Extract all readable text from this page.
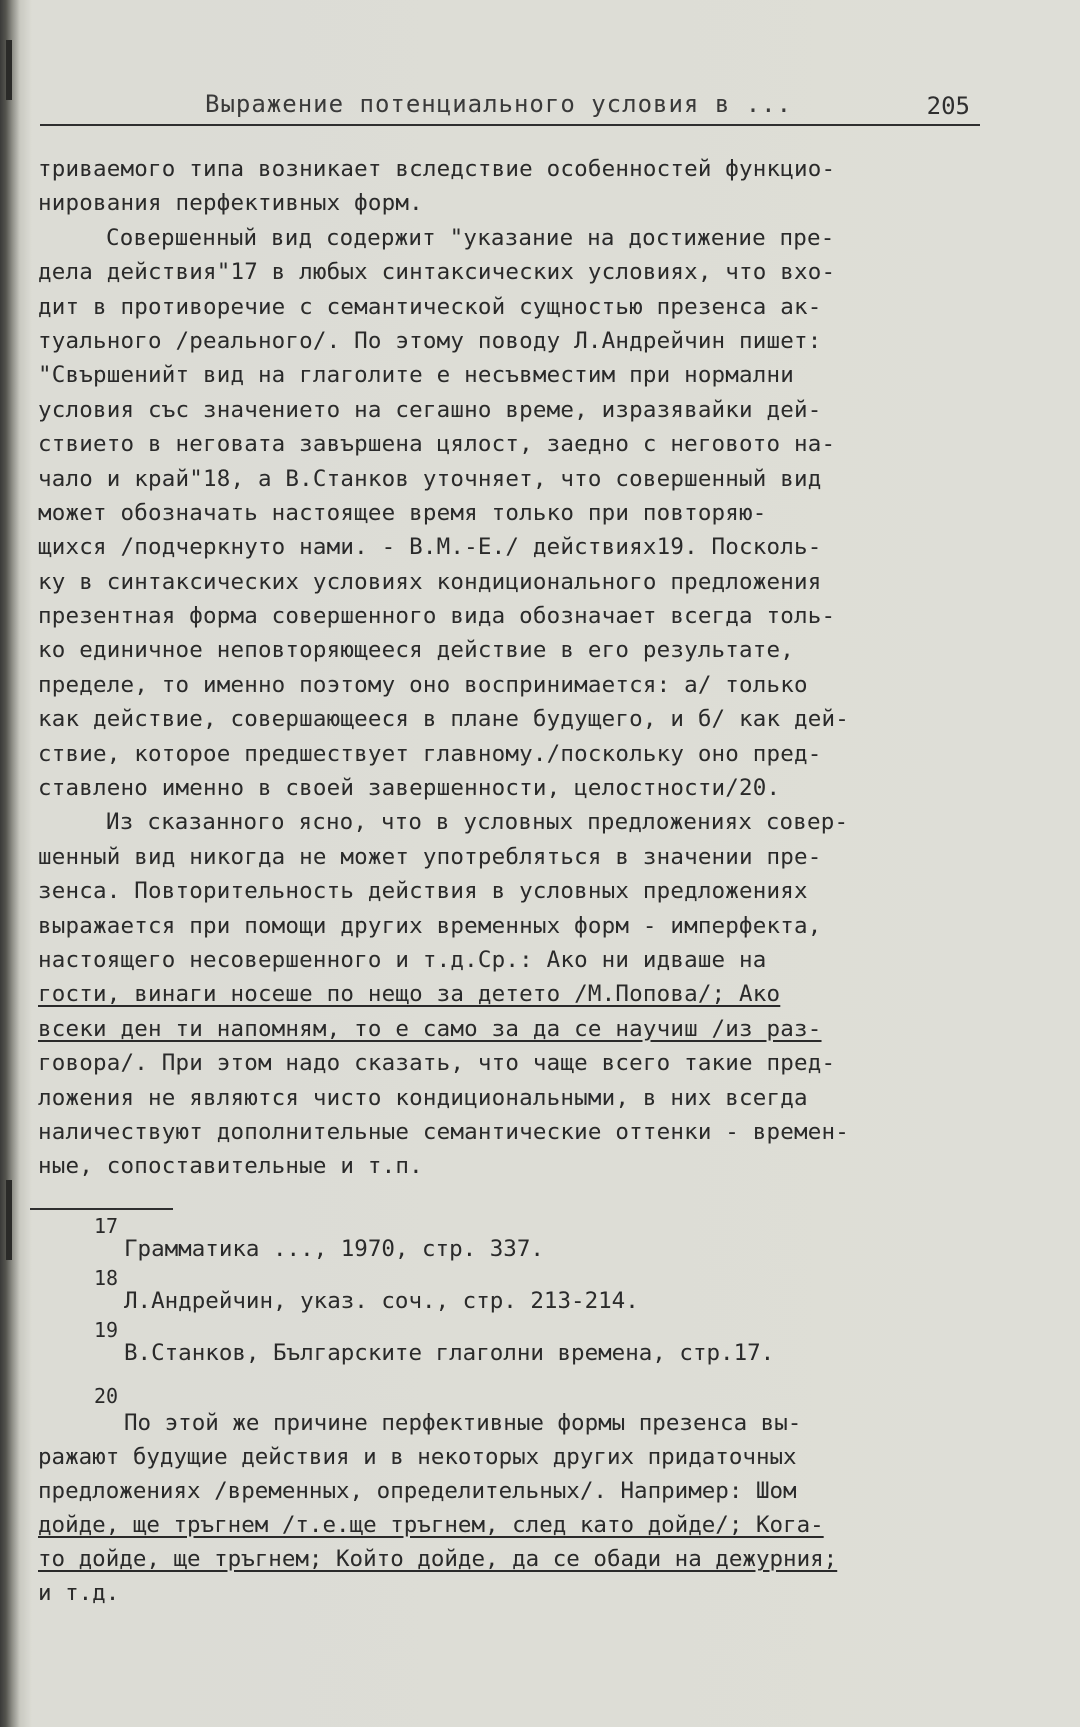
Выражение потенциального условия в ...	205
триваемого типа возникает вследствие особенностей функцио-
нирования перфективных форм.
Совершенный вид содержит "указание на достижение пре-
дела действия"17 в любых синтаксических условиях, что вхо-
дит в противоречие с семантической сущностью презенса ак-
туального /реального/. По этому поводу Л.Андрейчин пишет:
"Свършенийт вид на глаголите е несъвместим при нормални
условия със значението на сегашно време, изразявайки дей-
ствието в неговата завършена цялост, заедно с неговото на-
чало и край"18, а В.Станков уточняет, что совершенный вид
может обозначать настоящее время только при повторяю-
щихся /подчеркнуто нами. - В.М.-Е./ действиях19. Посколь-
ку в синтаксических условиях кондиционального предложения
презентная форма совершенного вида обозначает всегда толь-
ко единичное неповторяющееся действие в его результате,
пределе, то именно поэтому оно воспринимается: а/ только
как действие, совершающееся в плане будущего, и б/ как дей-
ствие, которое предшествует главному./поскольку оно пред-
ставлено именно в своей завершенности, целостности/20.
Из сказанного ясно, что в условных предложениях совер-
шенный вид никогда не может употребляться в значении пре-
зенса. Повторительность действия в условных предложениях
выражается при помощи других временных форм - имперфекта,
настоящего несовершенного и т.д.Ср.: Ако ни идваше на
гости, винаги носеше по нещо за детето /М.Попова/; Ако
всеки ден ти напомням, то е само за да се научиш /из раз-
говора/. При этом надо сказать, что чаще всего такие пред-
ложения не являются чисто кондициональными, в них всегда
наличествуют дополнительные семантические оттенки - времен-
ные, сопоставительные и т.п.
17
Грамматика ..., 1970, стр. 337.
18
Л.Андрейчин, указ. соч., стр. 213-214.
19
В.Станков, Българските глаголни времена, стр.17.
20
По этой же причине перфективные формы презенса вы-
ражают будущие действия и в некоторых других придаточных
предложениях /временных, определительных/. Например: Шом
дойде, ще тръгнем /т.е.ще тръгнем, след като дойде/; Кога-
то дойде, ще тръгнем; Който дойде, да се обади на дежурния;
и т.д.
